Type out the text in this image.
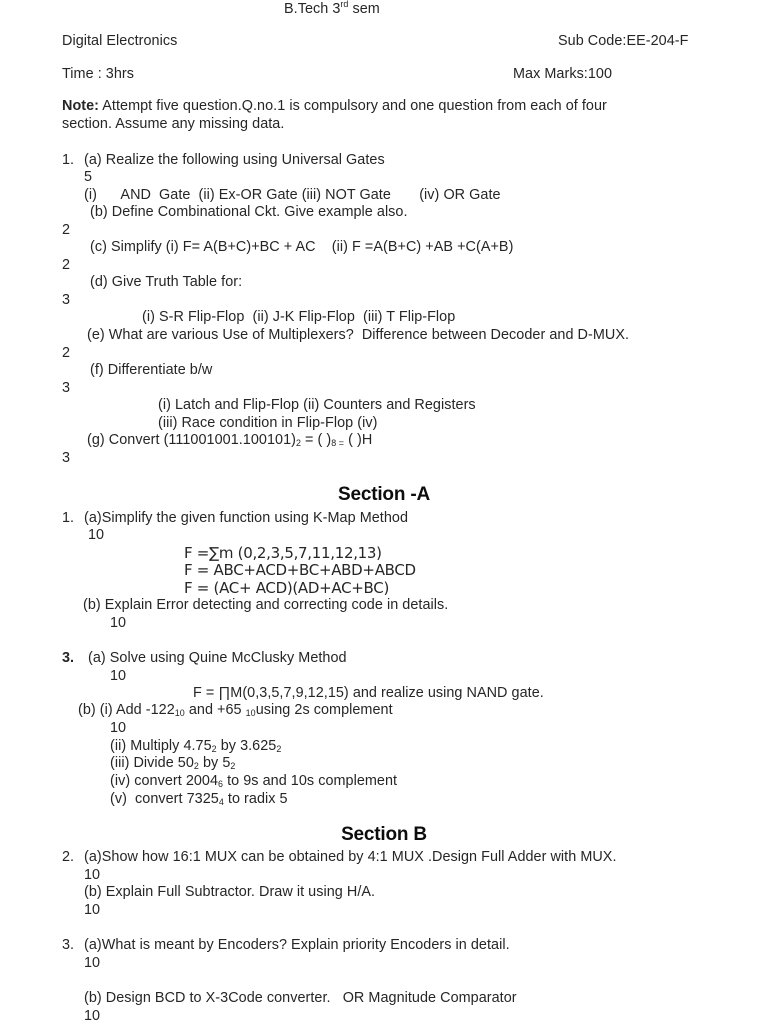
B.Tech 3rd sem
Digital Electronics	Sub Code:EE-204-F
Time : 3hrs	Max Marks:100
Note: Attempt five question.Q.no.1 is compulsory and one question from each of four
section. Assume any missing data.
1. (a) Realize the following using Universal Gates
5
(i)      AND  Gate  (ii) Ex-OR Gate (iii) NOT Gate       (iv) OR Gate
(b) Define Combinational Ckt. Give example also.
2
(c) Simplify (i) F= A(B+C)+BC + AC    (ii) F =A(B+C) +AB +C(A+B)
2
(d) Give Truth Table for:
3
(i) S-R Flip-Flop  (ii) J-K Flip-Flop  (iii) T Flip-Flop
(e) What are various Use of Multiplexers?  Difference between Decoder and D-MUX.
2
(f) Differentiate b/w
3
(i) Latch and Flip-Flop (ii) Counters and Registers
(iii) Race condition in Flip-Flop (iv)
(g) Convert $(111001001.100101)_2$ = ( )$_{8 =}$ ( )H
3
Section -A
1. (a)Simplify the given function using K-Map Method
10
F =∑m (0,2,3,5,7,11,12,13)
F = ABC+ACD+BC+ABD+ABCD
F = (AC+ ACD)(AD+AC+BC)
(b) Explain Error detecting and correcting code in details.
10
3. (a) Solve using Quine McClusky Method
10
F = ∏M(0,3,5,7,9,12,15) and realize using NAND gate.
(b) (i) Add $-122_{10}$ and +65 $_{10}$using 2s complement
10
(ii) Multiply $4.75_2$ by $3.625_2$
(iii) Divide $50_2$ by $5_2$
(iv) convert $2004_6$ to 9s and 10s complement
(v)  convert $7325_4$ to radix 5
Section B
2. (a)Show how 16:1 MUX can be obtained by 4:1 MUX .Design Full Adder with MUX.
10
(b) Explain Full Subtractor. Draw it using H/A.
10
3. (a)What is meant by Encoders? Explain priority Encoders in detail.
10
(b) Design BCD to X-3Code converter.   OR Magnitude Comparator
10
